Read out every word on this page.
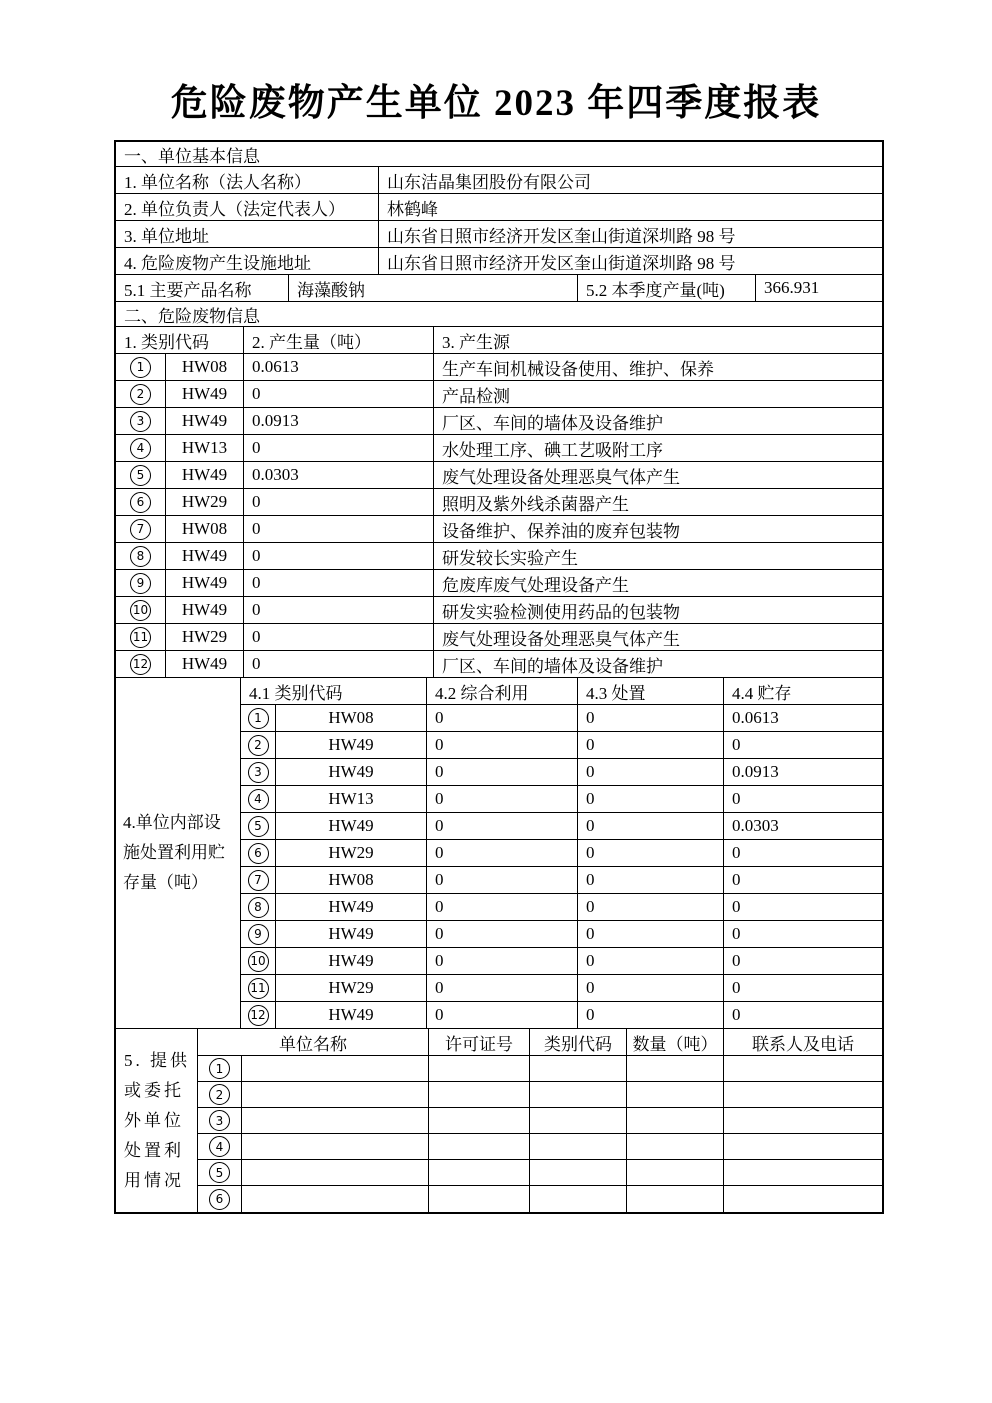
危险废物产生单位 2023 年四季度报表
一、单位基本信息
1. 单位名称（法人名称）	山东洁晶集团股份有限公司
2. 单位负责人（法定代表人）	林鹤峰
3. 单位地址	山东省日照市经济开发区奎山街道深圳路 98 号
4. 危险废物产生设施地址	山东省日照市经济开发区奎山街道深圳路 98 号
5.1 主要产品名称	海藻酸钠	5.2 本季度产量(吨)	366.931
二、危险废物信息
1. 类别代码	2. 产生量（吨）	3. 产生源
1	HW08	0.0613	生产车间机械设备使用、维护、保养
2	HW49	0	产品检测
3	HW49	0.0913	厂区、车间的墙体及设备维护
4	HW13	0	水处理工序、碘工艺吸附工序
5	HW49	0.0303	废气处理设备处理恶臭气体产生
6	HW29	0	照明及紫外线杀菌器产生
7	HW08	0	设备维护、保养油的废弃包装物
8	HW49	0	研发较长实验产生
9	HW49	0	危废库废气处理设备产生
10	HW49	0	研发实验检测使用药品的包装物
11	HW29	0	废气处理设备处理恶臭气体产生
12	HW49	0	厂区、车间的墙体及设备维护
4.单位内部设施处置利用贮存量（吨）
4.1 类别代码	4.2 综合利用	4.3 处置	4.4 贮存
1	HW08	0	0	0.0613
2	HW49	0	0	0
3	HW49	0	0	0.0913
4	HW13	0	0	0
5	HW49	0	0	0.0303
6	HW29	0	0	0
7	HW08	0	0	0
8	HW49	0	0	0
9	HW49	0	0	0
10	HW49	0	0	0
11	HW29	0	0	0
12	HW49	0	0	0
5. 提供或委托外单位处置利用情况
单位名称	许可证号	类别代码	数量（吨）	联系人及电话
1
2
3
4
5
6
